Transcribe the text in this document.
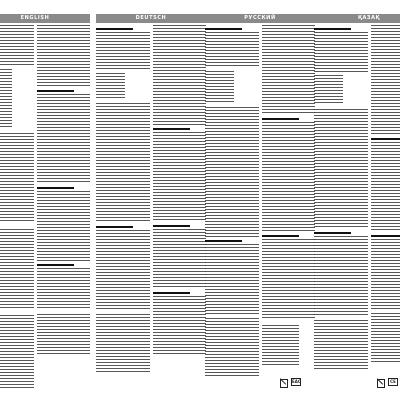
ENGLISH	DEUTSCH	РУССКИЙ
EAC
ҚАЗАҚ
CE
